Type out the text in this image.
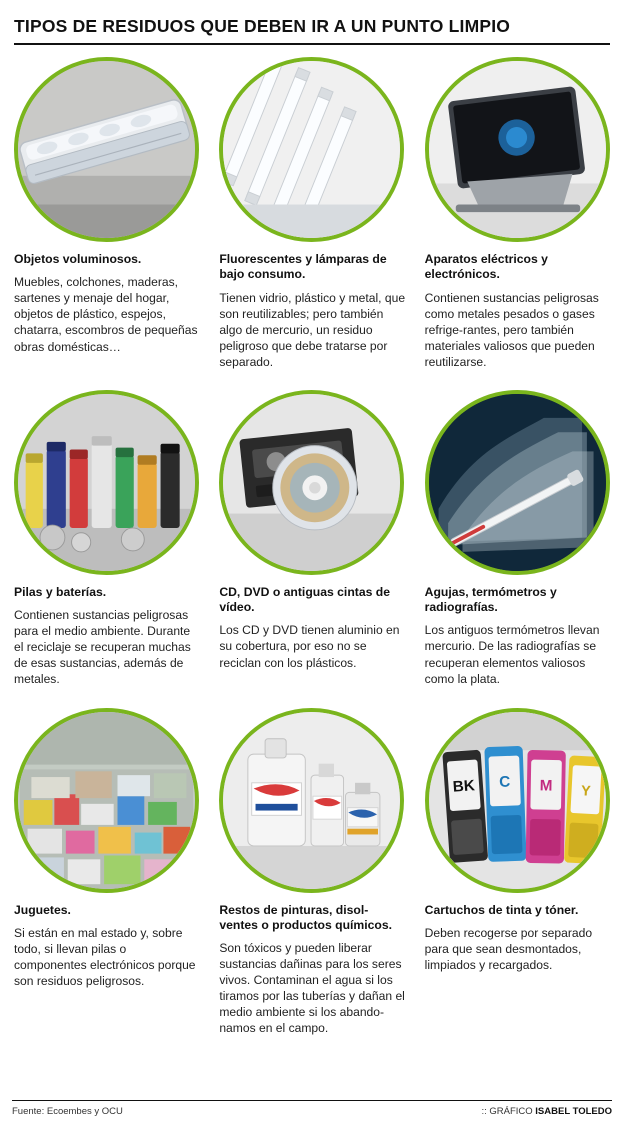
TIPOS DE RESIDUOS QUE DEBEN IR A UN PUNTO LIMPIO
Objetos voluminosos.
Muebles, colchones, maderas, sartenes y menaje del hogar, objetos de plástico, espejos, chatarra, escombros de pequeñas obras domésticas…
Fluorescentes y lámparas de bajo consumo.
Tienen vidrio, plástico y metal, que son reutilizables; pero también algo de mercurio, un residuo peligroso que debe tratarse por separado.
Aparatos eléctricos y electrónicos.
Contienen sustancias peligrosas como metales pesados o gases refrige-rantes, pero también materiales valiosos que pueden reutilizarse.
Pilas y baterías.
Contienen sustancias peligrosas para el medio ambiente. Durante el reciclaje se recuperan muchas de esas sustancias, además de metales.
CD, DVD o antiguas cintas de vídeo.
Los CD y DVD tienen aluminio en su cobertura, por eso no se reciclan con los plásticos.
Agujas, termómetros y radiografías.
Los antiguos termómetros llevan mercurio. De las radiografías se recuperan elementos valiosos como la plata.
Juguetes.
Si están en mal estado y, sobre todo, si llevan pilas o componentes electrónicos porque son residuos peligrosos.
Restos de pinturas, disol-ventes o productos químicos.
Son tóxicos y pueden liberar sustancias dañinas para los seres vivos. Contaminan el agua si los tiramos por las tuberías y dañan el medio ambiente si los abando-namos en el campo.
BK C M Y
Cartuchos de tinta y tóner.
Deben recogerse por separado para que sean desmontados, limpiados y recargados.
Fuente: Ecoembes y OCU	:: GRÁFICO ISABEL TOLEDO
